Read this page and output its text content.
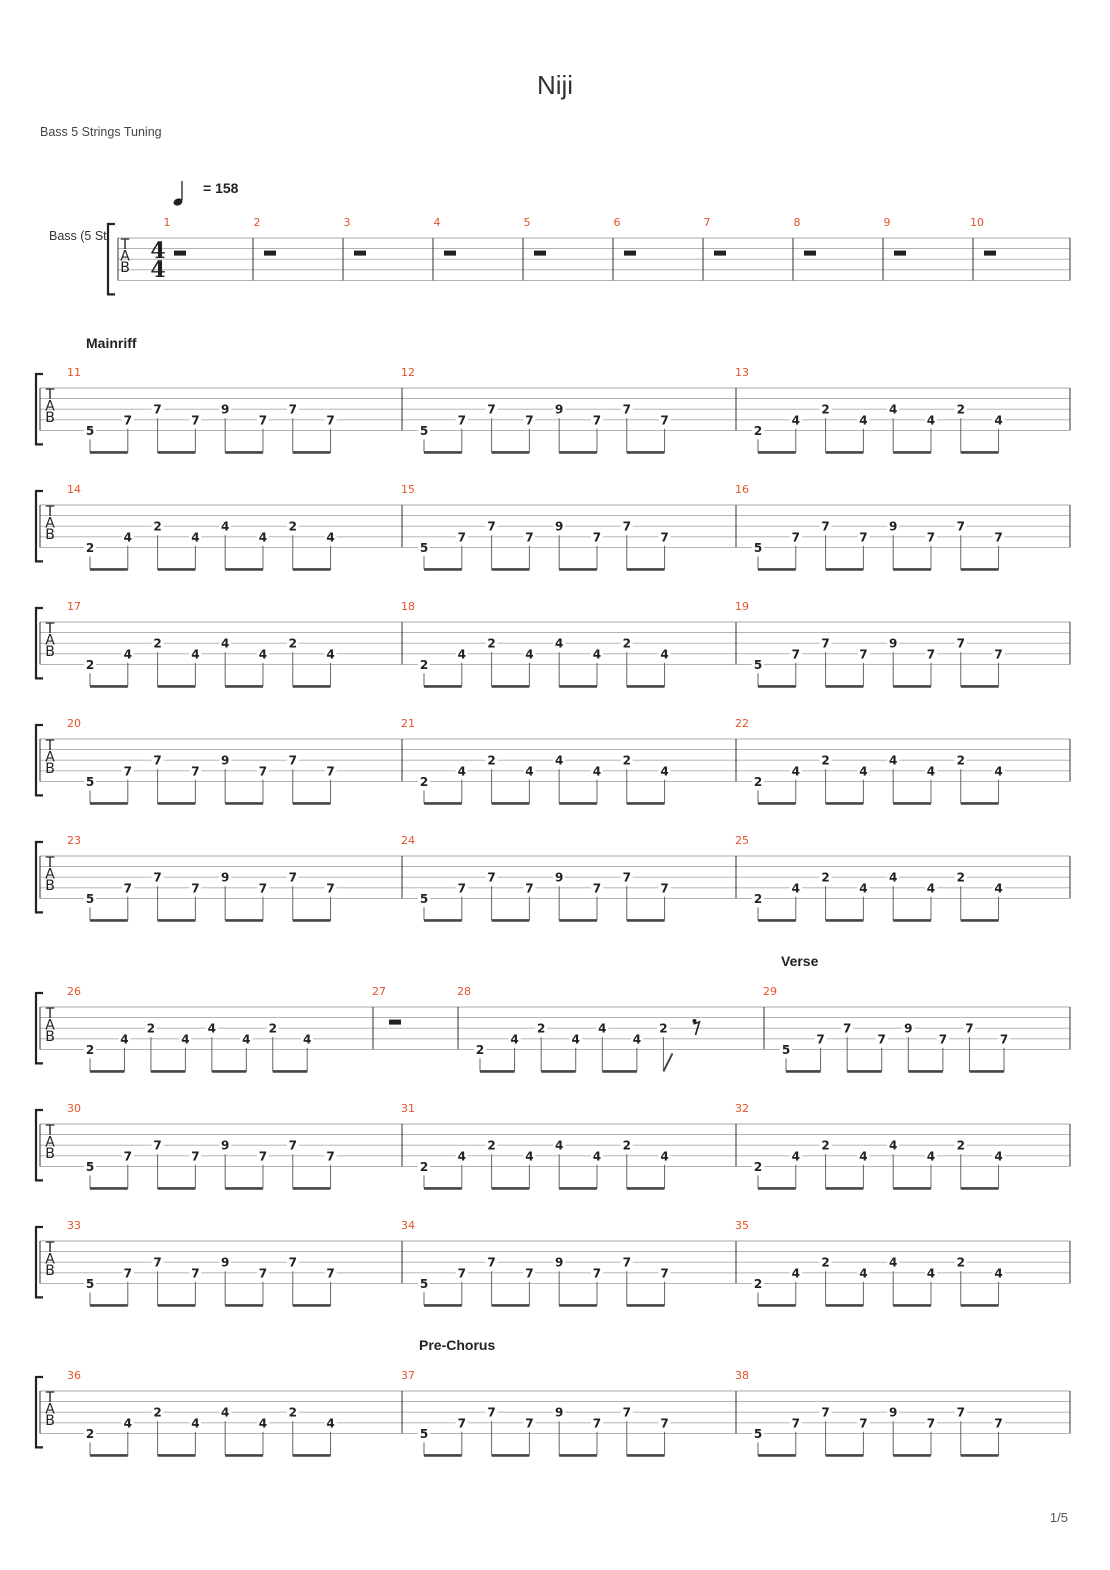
Niji
Bass 5 Strings Tuning
= 158
Bass (5 St
Mainriff
Verse
Pre-Chorus
1/5
T
A
B
4
4
1	2	3	4	5	6	7	8	9	10
T
A
B
11
5
7
7
7
9
7
7
7
12
5
7
7
7
9
7
7
7
13
2
4
2
4
4
4
2
4
T
A
B
14
2
4
2
4
4
4
2
4
15
5
7
7
7
9
7
7
7
16
5
7
7
7
9
7
7
7
T
A
B
17
2
4
2
4
4
4
2
4
18
2
4
2
4
4
4
2
4
19
5
7
7
7
9
7
7
7
T
A
B
20
5
7
7
7
9
7
7
7
21
2
4
2
4
4
4
2
4
22
2
4
2
4
4
4
2
4
T
A
B
23
5
7
7
7
9
7
7
7
24
5
7
7
7
9
7
7
7
25
2
4
2
4
4
4
2
4
T
A
B
26
2
4
2
4
4
4
2
4
27	28
2
4
2
4
4
4
2
29
5
7
7
7
9
7
7
7
T
A
B
30
5
7
7
7
9
7
7
7
31
2
4
2
4
4
4
2
4
32
2
4
2
4
4
4
2
4
T
A
B
33
5
7
7
7
9
7
7
7
34
5
7
7
7
9
7
7
7
35
2
4
2
4
4
4
2
4
T
A
B
36
2
4
2
4
4
4
2
4
37
5
7
7
7
9
7
7
7
38
5
7
7
7
9
7
7
7
